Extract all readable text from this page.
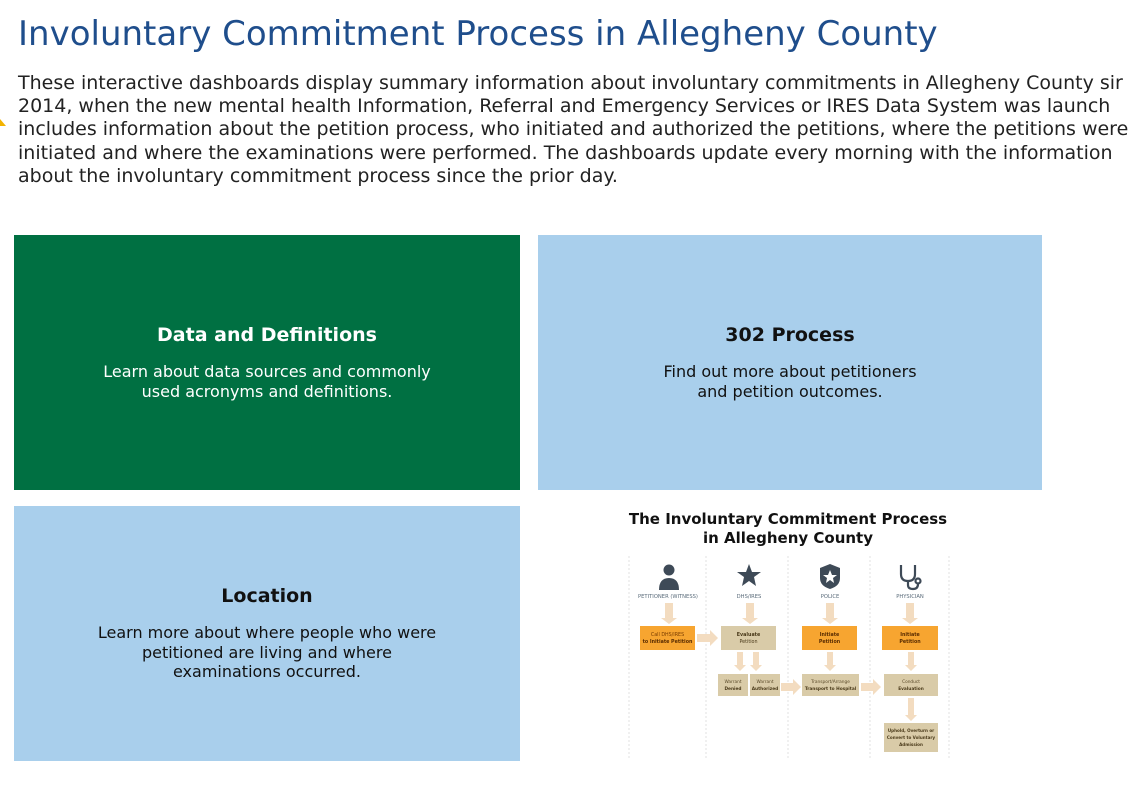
Involuntary Commitment Process in Allegheny County
These interactive dashboards display summary information about involuntary commitments in Allegheny County sir
2014, when the new mental health Information, Referral and Emergency Services or IRES Data System was launch
includes information about the petition process, who initiated and authorized the petitions, where the petitions were
initiated and where the examinations were performed. The dashboards update every morning with the information
about the involuntary commitment process since the prior day.
Data and Definitions

Learn about data sources and commonly
used acronyms and definitions.

302 Process

Find out more about petitioners
and petition outcomes.

Location

Learn more about where people who were
petitioned are living and where
examinations occurred.

The Involuntary Commitment Process
in Allegheny County
PETITIONER (WITNESS)	DHS/IRES	POLICE	PHYSICIAN
Call DHS/IRES
to Initiate Petition
Evaluate
Petition
Initiate
Petition
Initiate
Petition
Warrant
Denied
Warrant
Authorized
Transport/Arrange
Transport to Hospital
Conduct
Evaluation
Uphold, Overturn or
Convert to Voluntary
Admission
